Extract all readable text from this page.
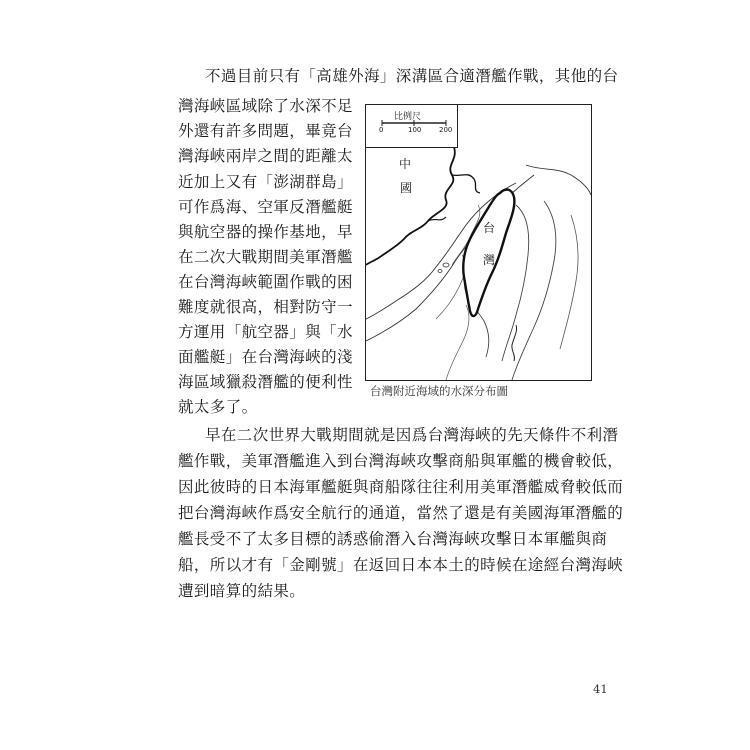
不過目前只有「高雄外海」深溝區合適潛艦作戰，其他的台
灣海峽區域除了水深不足
外還有許多問題，畢竟台
灣海峽兩岸之間的距離太
近加上又有「澎湖群島」
可作爲海、空軍反潛艦艇
與航空器的操作基地，早
在二次大戰期間美軍潛艦
在台灣海峽範圍作戰的困
難度就很高，相對防守一
方運用「航空器」與「水
面艦艇」在台灣海峽的淺
海區域獵殺潛艦的便利性
就太多了。
比例尺
0	100	200
中
國
台
灣
台灣附近海域的水深分布圖
早在二次世界大戰期間就是因爲台灣海峽的先天條件不利潛
艦作戰，美軍潛艦進入到台灣海峽攻擊商船與軍艦的機會較低，
因此彼時的日本海軍艦艇與商船隊往往利用美軍潛艦威脅較低而
把台灣海峽作爲安全航行的通道，當然了還是有美國海軍潛艦的
艦長受不了太多目標的誘惑偷潛入台灣海峽攻擊日本軍艦與商
船，所以才有「金剛號」在返回日本本土的時候在途經台灣海峽
遭到暗算的結果。
41
